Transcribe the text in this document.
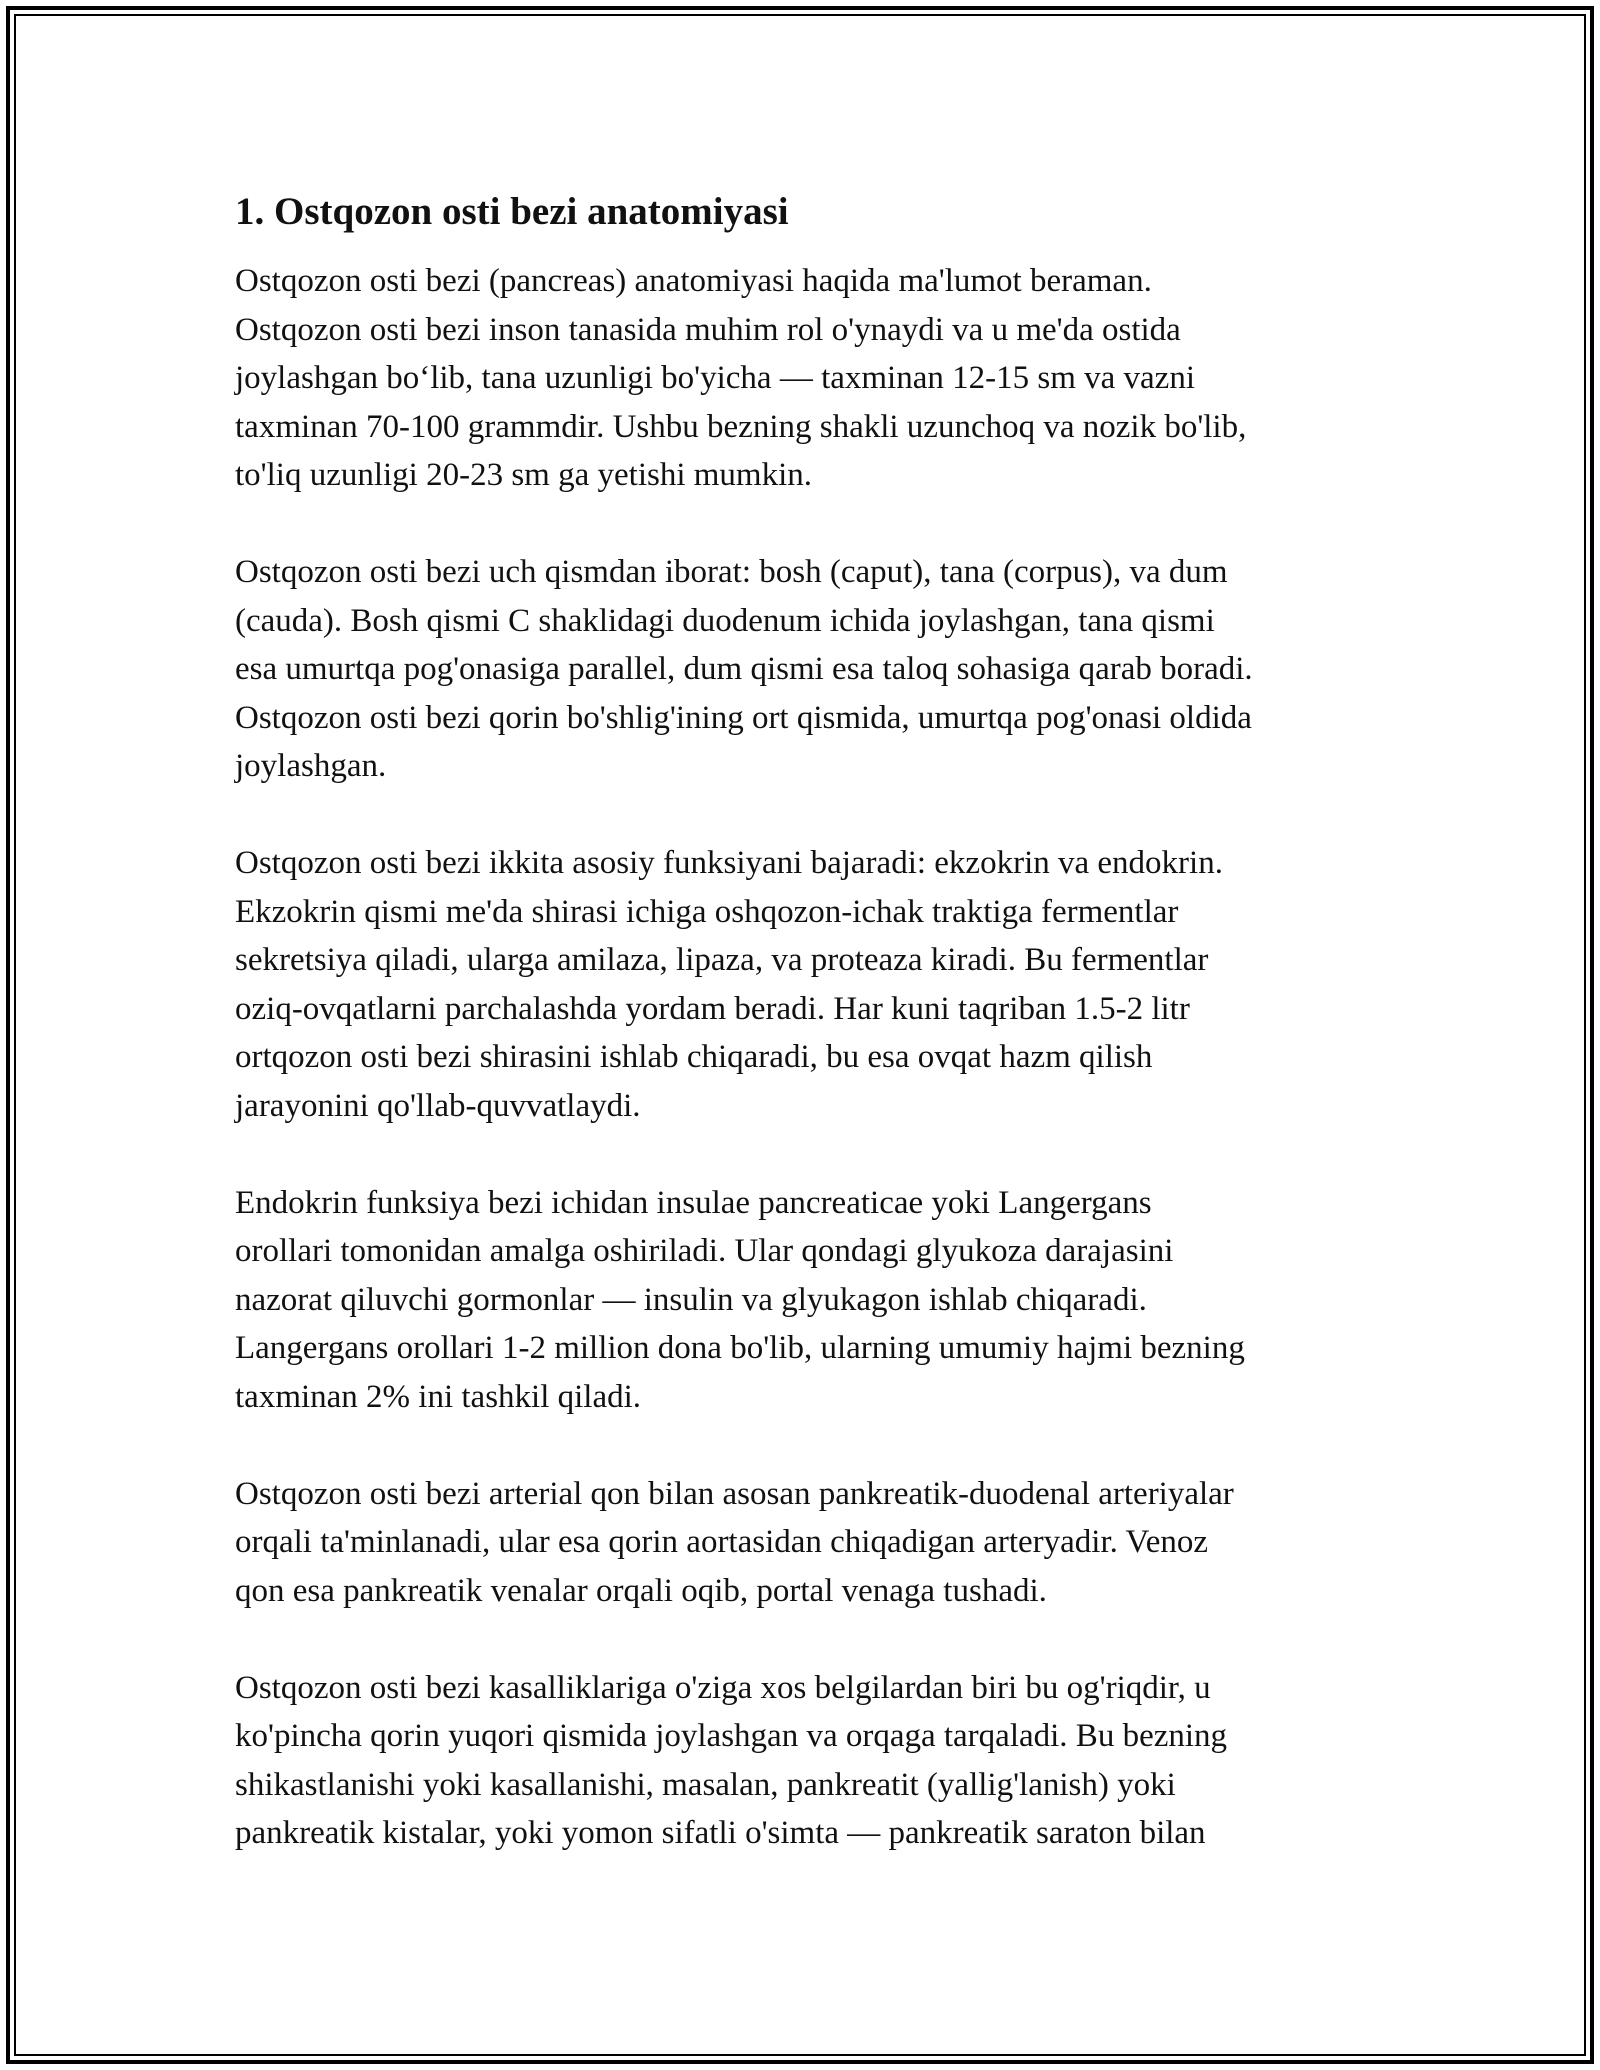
1. Ostqozon osti bezi anatomiyasi

Ostqozon osti bezi (pancreas) anatomiyasi haqida ma'lumot beraman.
Ostqozon osti bezi inson tanasida muhim rol o'ynaydi va u me'da ostida
joylashgan bo‘lib, tana uzunligi bo'yicha — taxminan 12-15 sm va vazni
taxminan 70-100 grammdir. Ushbu bezning shakli uzunchoq va nozik bo'lib,
to'liq uzunligi 20-23 sm ga yetishi mumkin.

Ostqozon osti bezi uch qismdan iborat: bosh (caput), tana (corpus), va dum
(cauda). Bosh qismi C shaklidagi duodenum ichida joylashgan, tana qismi
esa umurtqa pog'onasiga parallel, dum qismi esa taloq sohasiga qarab boradi.
Ostqozon osti bezi qorin bo'shlig'ining ort qismida, umurtqa pog'onasi oldida
joylashgan.

Ostqozon osti bezi ikkita asosiy funksiyani bajaradi: ekzokrin va endokrin.
Ekzokrin qismi me'da shirasi ichiga oshqozon-ichak traktiga fermentlar
sekretsiya qiladi, ularga amilaza, lipaza, va proteaza kiradi. Bu fermentlar
oziq-ovqatlarni parchalashda yordam beradi. Har kuni taqriban 1.5-2 litr
ortqozon osti bezi shirasini ishlab chiqaradi, bu esa ovqat hazm qilish
jarayonini qo'llab-quvvatlaydi.

Endokrin funksiya bezi ichidan insulae pancreaticae yoki Langergans
orollari tomonidan amalga oshiriladi. Ular qondagi glyukoza darajasini
nazorat qiluvchi gormonlar — insulin va glyukagon ishlab chiqaradi.
Langergans orollari 1-2 million dona bo'lib, ularning umumiy hajmi bezning
taxminan 2% ini tashkil qiladi.

Ostqozon osti bezi arterial qon bilan asosan pankreatik-duodenal arteriyalar
orqali ta'minlanadi, ular esa qorin aortasidan chiqadigan arteryadir. Venoz
qon esa pankreatik venalar orqali oqib, portal venaga tushadi.

Ostqozon osti bezi kasalliklariga o'ziga xos belgilardan biri bu og'riqdir, u
ko'pincha qorin yuqori qismida joylashgan va orqaga tarqaladi. Bu bezning
shikastlanishi yoki kasallanishi, masalan, pankreatit (yallig'lanish) yoki
pankreatik kistalar, yoki yomon sifatli o'simta — pankreatik saraton bilan
